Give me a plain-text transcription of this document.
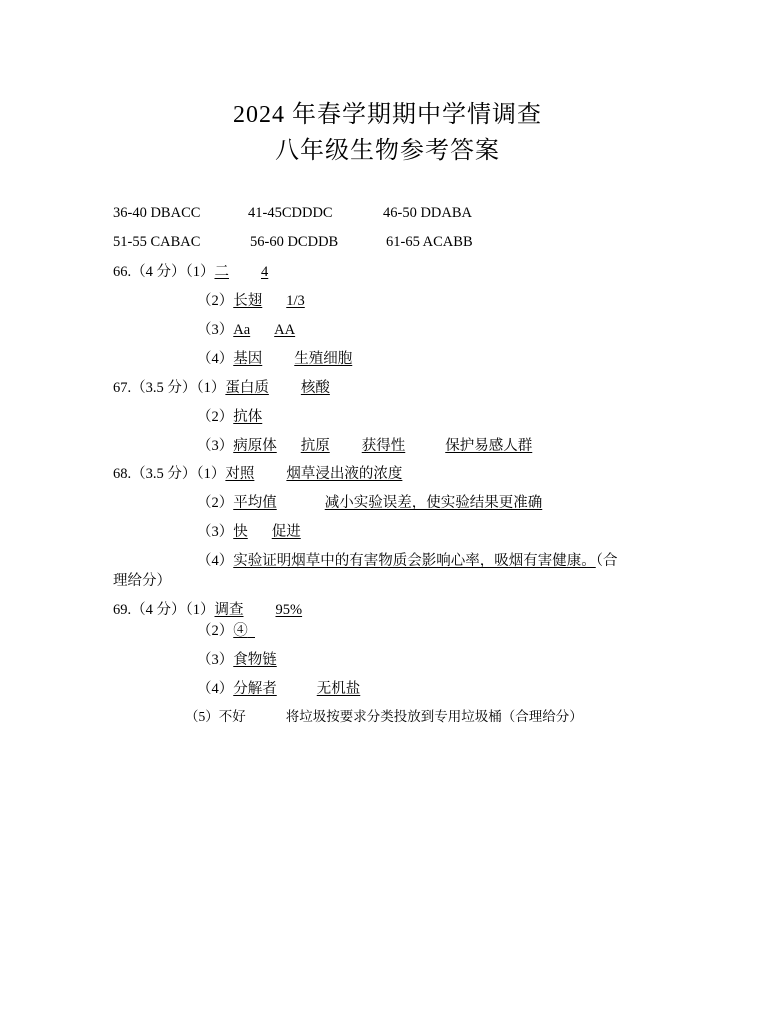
2024 年春学期期中学情调查
八年级生物参考答案
36-40 DBACC	41-45CDDDC	46-50 DDABA
51-55 CABAC	56-60 DCDDB	61-65 ACABB
66.（4 分）（1）二 4
（2）长翅 1/3
（3）Aa AA
（4）基因 生殖细胞
67.（3.5 分）（1）蛋白质 核酸
（2）抗体
（3）病原体 抗原 获得性	保护易感人群
68.（3.5 分）（1）对照 烟草浸出液的浓度
（2）平均值	减小实验误差，使实验结果更准确
（3）快 促进
（4）实验证明烟草中的有害物质会影响心率，吸烟有害健康。（合
理给分）
69.（4 分）（1）调查 95%
（2）④
（3）食物链
（4）分解者	无机盐
（5）不好	将垃圾按要求分类投放到专用垃圾桶（合理给分）
